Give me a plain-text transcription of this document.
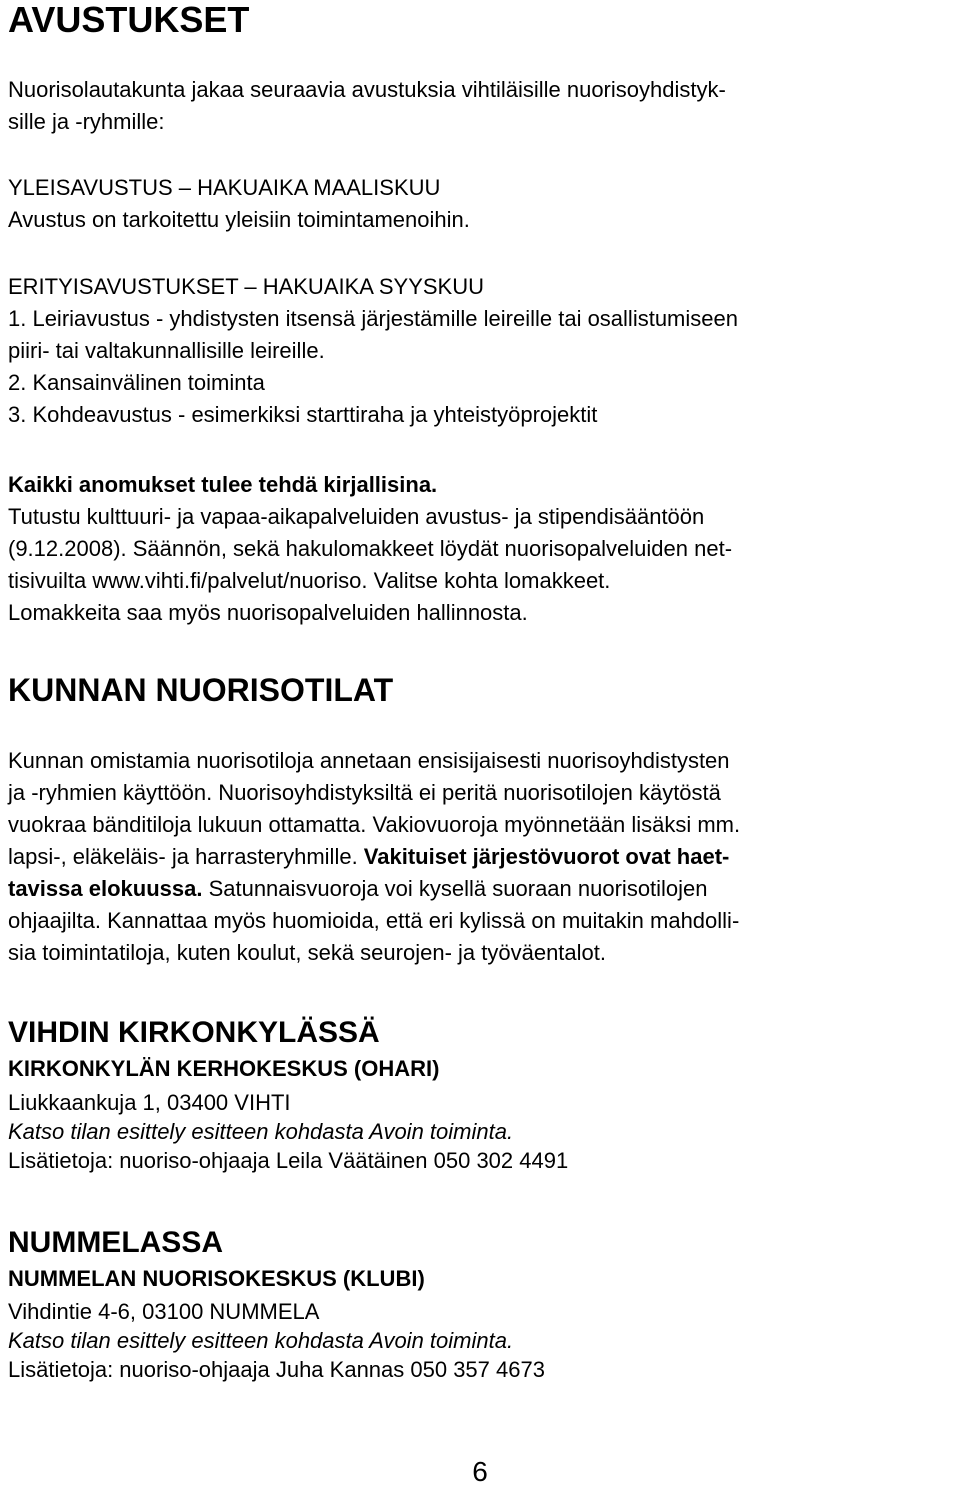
AVUSTUKSET
Nuorisolautakunta jakaa seuraavia avustuksia vihtiläisille nuorisoyhdistyk-
sille ja -ryhmille:
YLEISAVUSTUS – HAKUAIKA MAALISKUU
Avustus on tarkoitettu yleisiin toimintamenoihin.
ERITYISAVUSTUKSET – HAKUAIKA SYYSKUU
1. Leiriavustus - yhdistysten itsensä järjestämille leireille tai osallistumiseen
piiri- tai valtakunnallisille leireille.
2. Kansainvälinen toiminta
3. Kohdeavustus - esimerkiksi starttiraha ja yhteistyöprojektit
Kaikki anomukset tulee tehdä kirjallisina.
Tutustu kulttuuri- ja vapaa-aikapalveluiden avustus- ja stipendisääntöön
(9.12.2008). Säännön, sekä hakulomakkeet löydät nuorisopalveluiden net-
tisivuilta www.vihti.fi/palvelut/nuoriso. Valitse kohta lomakkeet.
Lomakkeita saa myös nuorisopalveluiden hallinnosta.
KUNNAN NUORISOTILAT
Kunnan omistamia nuorisotiloja annetaan ensisijaisesti nuorisoyhdistysten
ja -ryhmien käyttöön. Nuorisoyhdistyksiltä ei peritä nuorisotilojen käytöstä
vuokraa bänditiloja lukuun ottamatta. Vakiovuoroja myönnetään lisäksi mm.
lapsi-, eläkeläis- ja harrasteryhmille. Vakituiset järjestövuorot ovat haet-
tavissa elokuussa. Satunnaisvuoroja voi kysellä suoraan nuorisotilojen
ohjaajilta. Kannattaa myös huomioida, että eri kylissä on muitakin mahdolli-
sia toimintatiloja, kuten koulut, sekä seurojen- ja työväentalot.
VIHDIN KIRKONKYLÄSSÄ
KIRKONKYLÄN KERHOKESKUS (OHARI)
Liukkaankuja 1, 03400 VIHTI
Katso tilan esittely esitteen kohdasta Avoin toiminta.
Lisätietoja: nuoriso-ohjaaja Leila Väätäinen 050 302 4491
NUMMELASSA
NUMMELAN NUORISOKESKUS (KLUBI)
Vihdintie 4-6, 03100 NUMMELA
Katso tilan esittely esitteen kohdasta Avoin toiminta.
Lisätietoja: nuoriso-ohjaaja Juha Kannas 050 357 4673
6
